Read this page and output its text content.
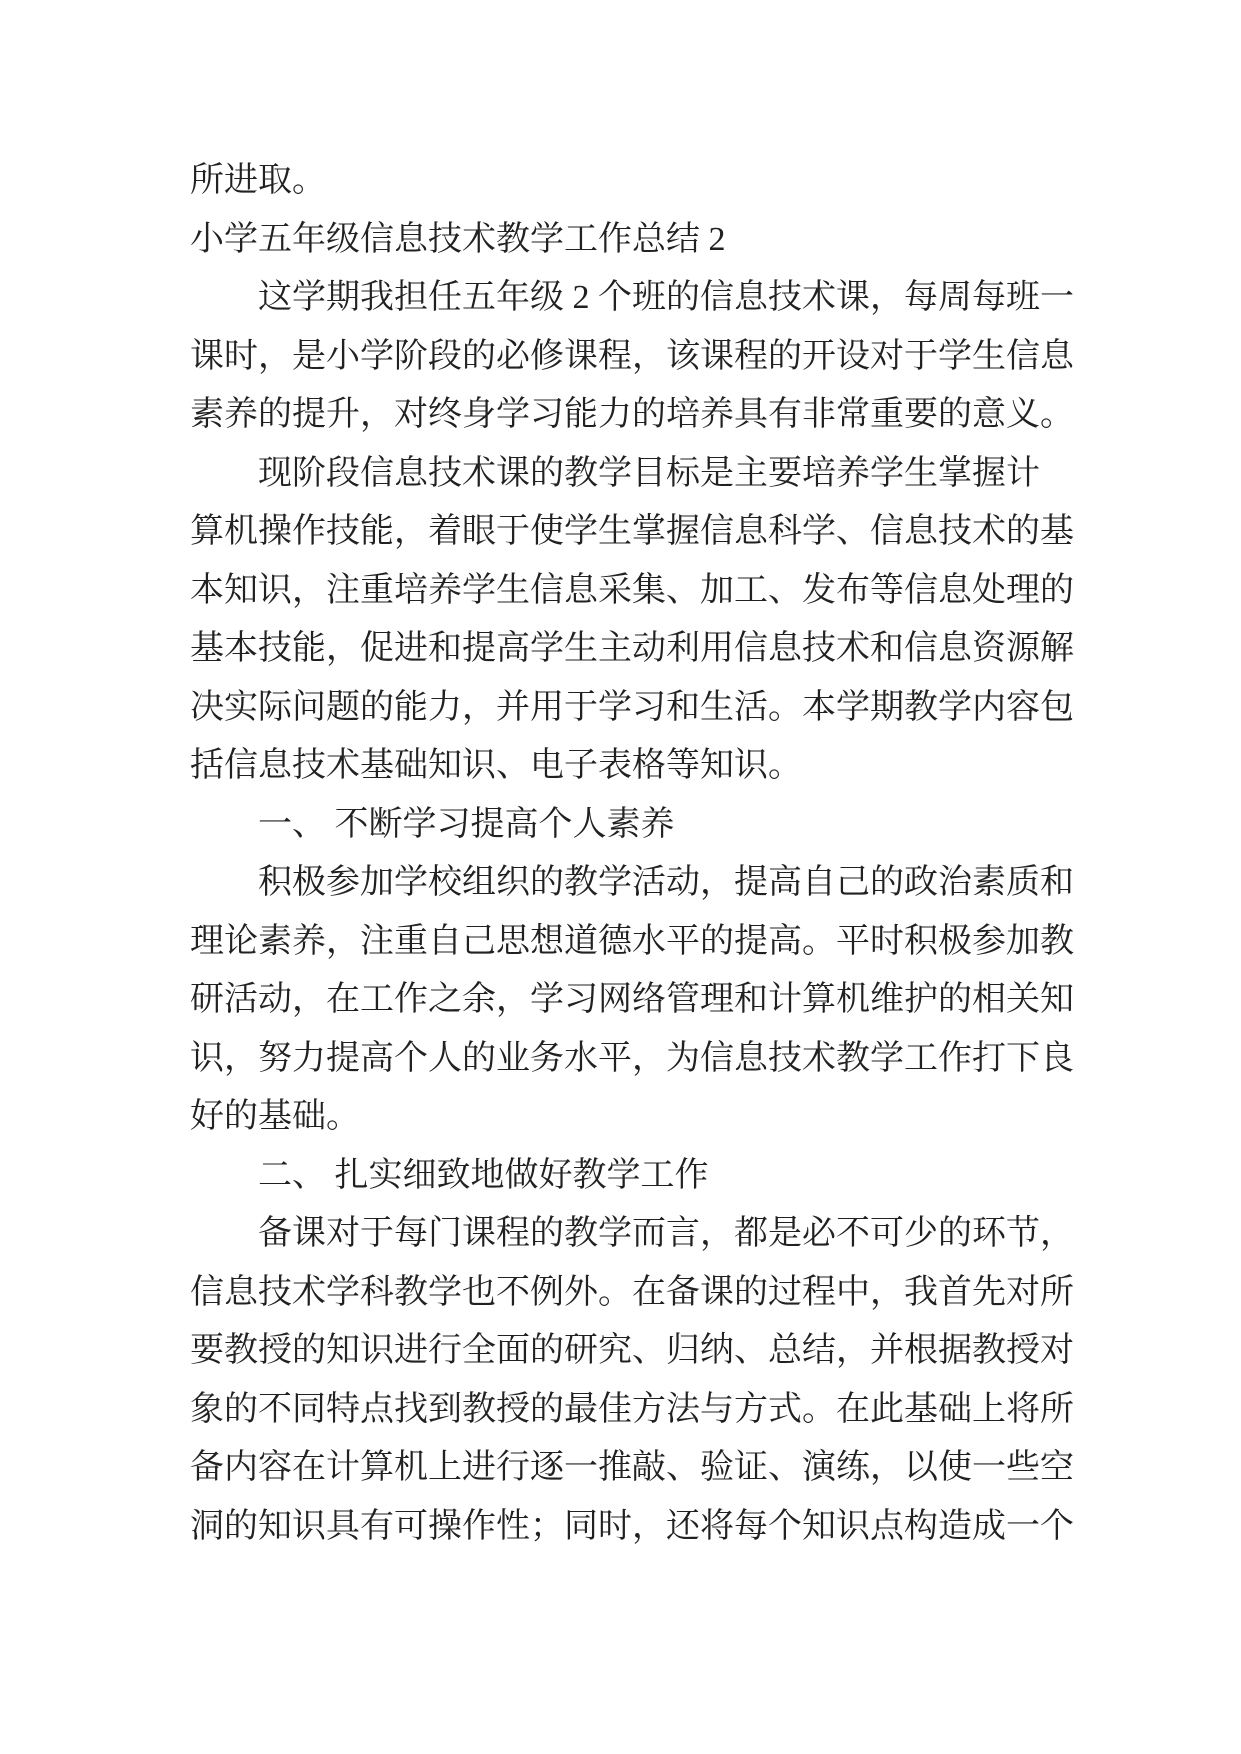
所进取。
小学五年级信息技术教学工作总结 2
这学期我担任五年级 2 个班的信息技术课，每周每班一
课时，是小学阶段的必修课程，该课程的开设对于学生信息
素养的提升，对终身学习能力的培养具有非常重要的意义。
现阶段信息技术课的教学目标是主要培养学生掌握计
算机操作技能，着眼于使学生掌握信息科学、信息技术的基
本知识，注重培养学生信息采集、加工、发布等信息处理的
基本技能，促进和提高学生主动利用信息技术和信息资源解
决实际问题的能力，并用于学习和生活。本学期教学内容包
括信息技术基础知识、电子表格等知识。
一、 不断学习提高个人素养
积极参加学校组织的教学活动，提高自己的政治素质和
理论素养，注重自己思想道德水平的提高。平时积极参加教
研活动，在工作之余，学习网络管理和计算机维护的相关知
识，努力提高个人的业务水平，为信息技术教学工作打下良
好的基础。
二、 扎实细致地做好教学工作
备课对于每门课程的教学而言，都是必不可少的环节，
信息技术学科教学也不例外。在备课的过程中，我首先对所
要教授的知识进行全面的研究、归纳、总结，并根据教授对
象的不同特点找到教授的最佳方法与方式。在此基础上将所
备内容在计算机上进行逐一推敲、验证、演练，以使一些空
洞的知识具有可操作性；同时，还将每个知识点构造成一个
